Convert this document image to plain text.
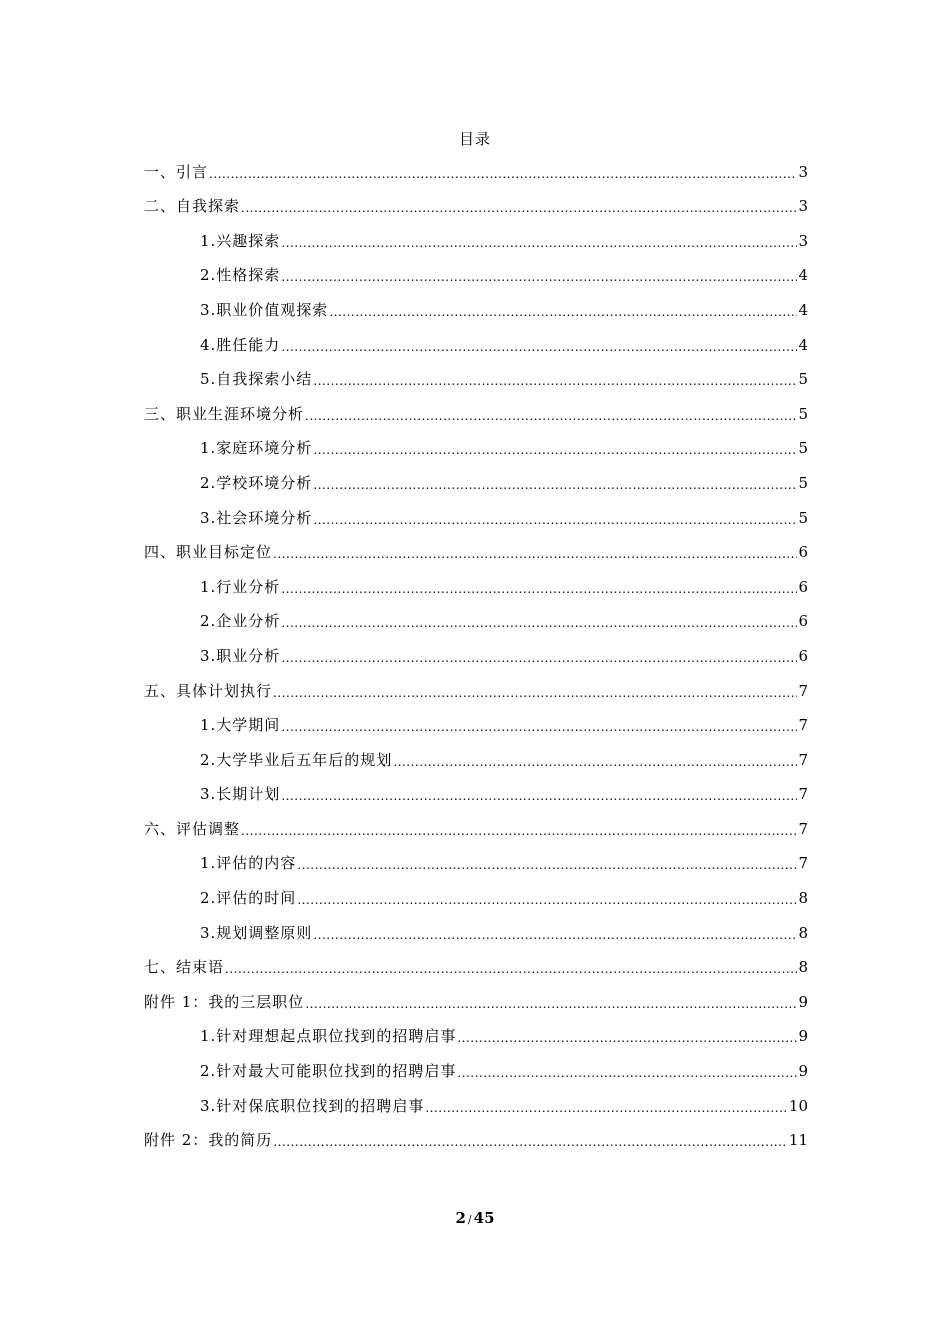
目录
一、引言 .....	3
二、自我探索 .....	3
1.兴趣探索 .....	3
2.性格探索 .....	4
3.职业价值观探索 .....	4
4.胜任能力 .....	4
5.自我探索小结 .....	5
三、职业生涯环境分析 .....	5
1.家庭环境分析 .....	5
2.学校环境分析 .....	5
3.社会环境分析 .....	5
四、职业目标定位 .....	6
1.行业分析 .....	6
2.企业分析 .....	6
3.职业分析 .....	6
五、具体计划执行 .....	7
1.大学期间 .....	7
2.大学毕业后五年后的规划 .....	7
3.长期计划 .....	7
六、评估调整 .....	7
1.评估的内容 .....	7
2.评估的时间 .....	8
3.规划调整原则 .....	8
七、结束语 .....	8
附件 1：我的三层职位 .....	9
1.针对理想起点职位找到的招聘启事 .....	9
2.针对最大可能职位找到的招聘启事 .....	9
3.针对保底职位找到的招聘启事 .....	10
附件 2：我的简历 .....	11
2 / 45
